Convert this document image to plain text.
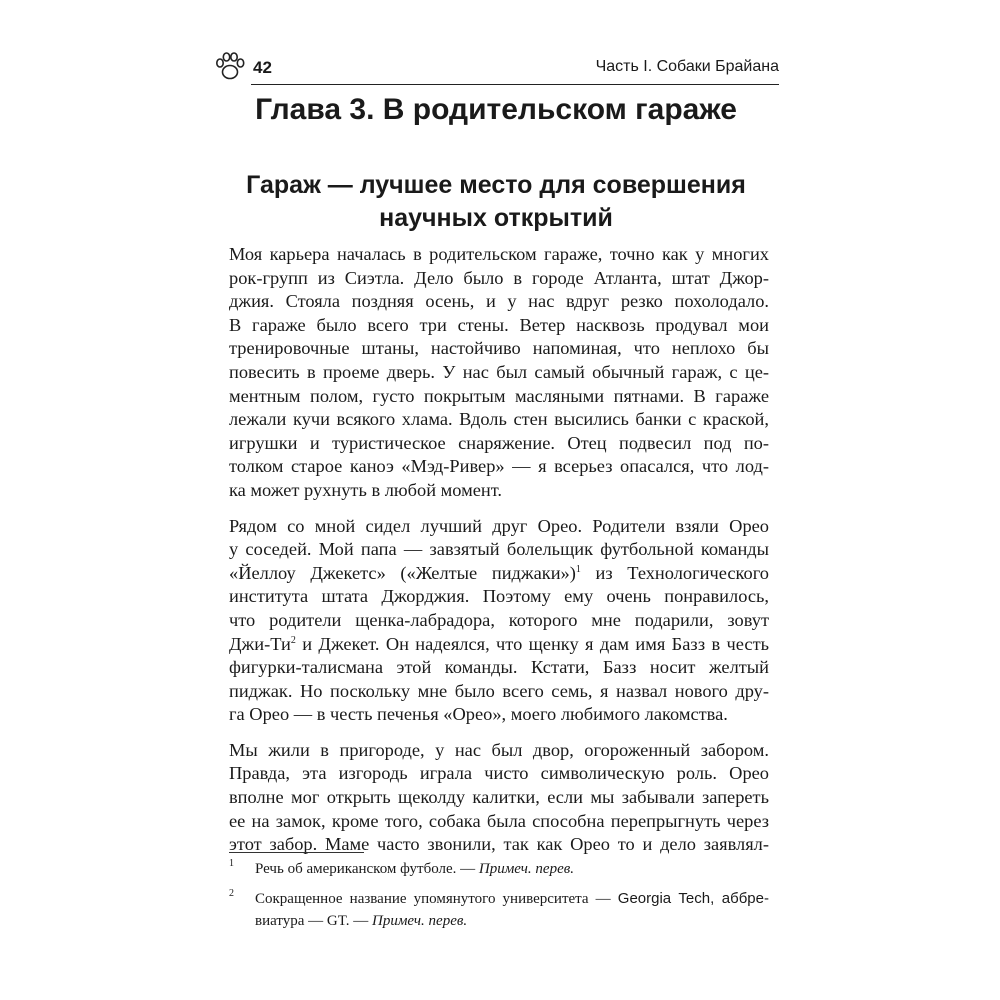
42	Часть I. Собаки Брайана
Глава 3. В родительском гараже
Гараж — лучшее место для совершения
научных открытий
Моя карьера началась в родительском гараже, точно как у многих
рок-групп из Сиэтла. Дело было в городе Атланта, штат Джор-
джия. Стояла поздняя осень, и у нас вдруг резко похолодало.
В гараже было всего три стены. Ветер насквозь продувал мои
тренировочные штаны, настойчиво напоминая, что неплохо бы
повесить в проеме дверь. У нас был самый обычный гараж, с це-
ментным полом, густо покрытым масляными пятнами. В гараже
лежали кучи всякого хлама. Вдоль стен высились банки с краской,
игрушки и туристическое снаряжение. Отец подвесил под по-
толком старое каноэ «Мэд-Ривер» — я всерьез опасался, что лод-
ка может рухнуть в любой момент.
Рядом со мной сидел лучший друг Орео. Родители взяли Орео
у соседей. Мой папа — завзятый болельщик футбольной команды
«Йеллоу Джекетс» («Желтые пиджаки»)$^1$ из Технологического
института штата Джорджия. Поэтому ему очень понравилось,
что родители щенка-лабрадора, которого мне подарили, зовут
Джи-$Ти^2$ и Джекет. Он надеялся, что щенку я дам имя Базз в честь
фигурки-талисмана этой команды. Кстати, Базз носит желтый
пиджак. Но поскольку мне было всего семь, я назвал нового дру-
га Орео — в честь печенья «Орео», моего любимого лакомства.
Мы жили в пригороде, у нас был двор, огороженный забором.
Правда, эта изгородь играла чисто символическую роль. Орео
вполне мог открыть щеколду калитки, если мы забывали запереть
ее на замок, кроме того, собака была способна перепрыгнуть через
этот забор. Маме часто звонили, так как Орео то и дело заявлял-
1	Речь об американском футболе. — Примеч. перев.
2	Сокращенное название упомянутого университета — Georgia Tech, аббре-
виатура — GT. — Примеч. перев.
